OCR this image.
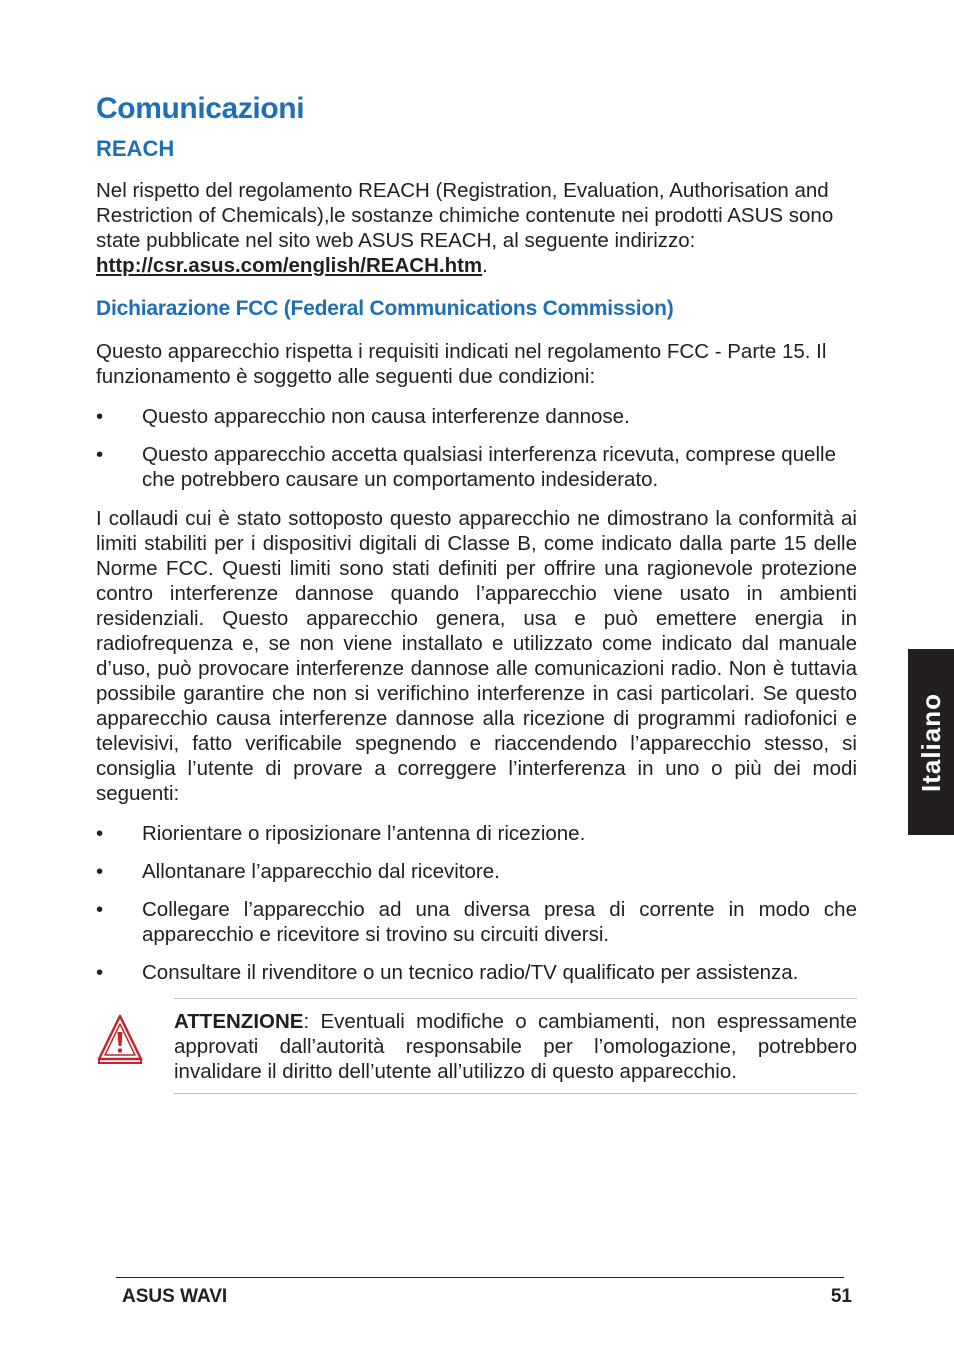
Comunicazioni
REACH

Nel rispetto del regolamento REACH (Registration, Evaluation, Authorisation and Restriction of Chemicals),le sostanze chimiche contenute nei prodotti ASUS sono state pubblicate nel sito web ASUS REACH, al seguente indirizzo: http://csr.asus.com/english/REACH.htm.

Dichiarazione FCC (Federal Communications Commission)

Questo apparecchio rispetta i requisiti indicati nel regolamento FCC - Parte 15. Il funzionamento è soggetto alle seguenti due condizioni:

•	Questo apparecchio non causa interferenze dannose.
•	Questo apparecchio accetta qualsiasi interferenza ricevuta, comprese quelle che potrebbero causare un comportamento indesiderato.

I collaudi cui è stato sottoposto questo apparecchio ne dimostrano la conformità ai limiti stabiliti per i dispositivi digitali di Classe B, come indicato dalla parte 15 delle Norme FCC. Questi limiti sono stati definiti per offrire una ragionevole protezione contro interferenze dannose quando l’apparecchio viene usato in ambienti residenziali. Questo apparecchio genera, usa e può emettere energia in radiofrequenza e, se non viene installato e utilizzato come indicato dal manuale d’uso, può provocare interferenze dannose alle comunicazioni radio. Non è tuttavia possibile garantire che non si verifichino interferenze in casi particolari. Se questo apparecchio causa interferenze dannose alla ricezione di programmi radiofonici e televisivi, fatto verificabile spegnendo e riaccendendo l’apparecchio stesso, si consiglia l’utente di provare a correggere l’interferenza in uno o più dei modi seguenti:

•	Riorientare o riposizionare l’antenna di ricezione.
•	Allontanare l’apparecchio dal ricevitore.
•	Collegare l’apparecchio ad una diversa presa di corrente in modo che apparecchio e ricevitore si trovino su circuiti diversi.
•	Consultare il rivenditore o un tecnico radio/TV qualificato per assistenza.

ATTENZIONE: Eventuali modifiche o cambiamenti, non espressamente approvati dall’autorità responsabile per l’omologazione, potrebbero invalidare il diritto dell’utente all’utilizzo di questo apparecchio.

Italiano
ASUS WAVI	51
